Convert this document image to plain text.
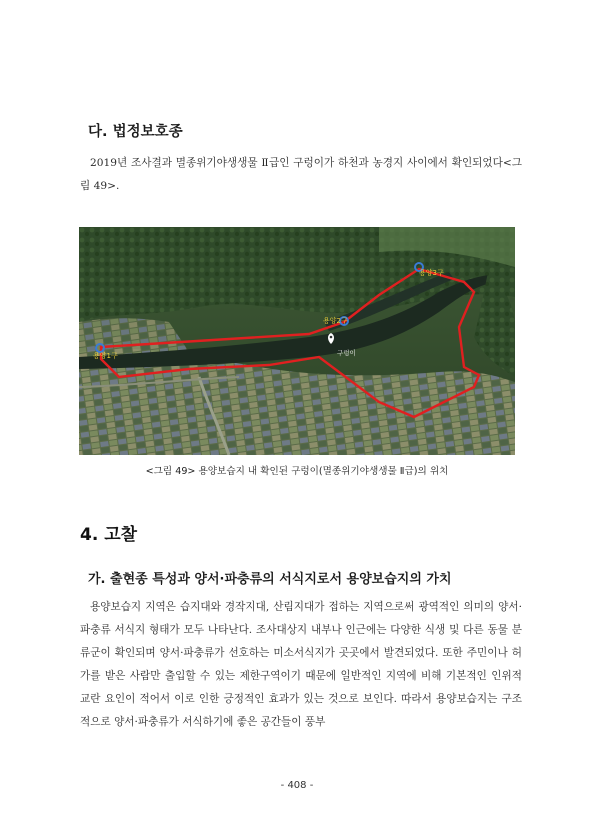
다. 법정보호종
2019년 조사결과 멸종위기야생생물 Ⅱ급인 구렁이가 하천과 농경지 사이에서 확인되었다<그림 49>.
용양1구
용양2구
용양3구
구렁이
<그림 49> 용양보습지 내 확인된 구렁이(멸종위기야생생물 Ⅱ급)의 위치
4. 고찰
가. 출현종 특성과 양서·파충류의 서식지로서 용양보습지의 가치
용양보습지 지역은 습지대와 경작지대, 산림지대가 접하는 지역으로써 광역적인 의미의 양서·파충류 서식지 형태가 모두 나타난다. 조사대상지 내부나 인근에는 다양한 식생 및 다른 동물 분류군이 확인되며 양서·파충류가 선호하는 미소서식지가 곳곳에서 발견되었다. 또한 주민이나 허가를 받은 사람만 출입할 수 있는 제한구역이기 때문에 일반적인 지역에 비해 기본적인 인위적 교란 요인이 적어서 이로 인한 긍정적인 효과가 있는 것으로 보인다. 따라서 용양보습지는 구조적으로 양서·파충류가 서식하기에 좋은 공간들이 풍부
- 408 -
